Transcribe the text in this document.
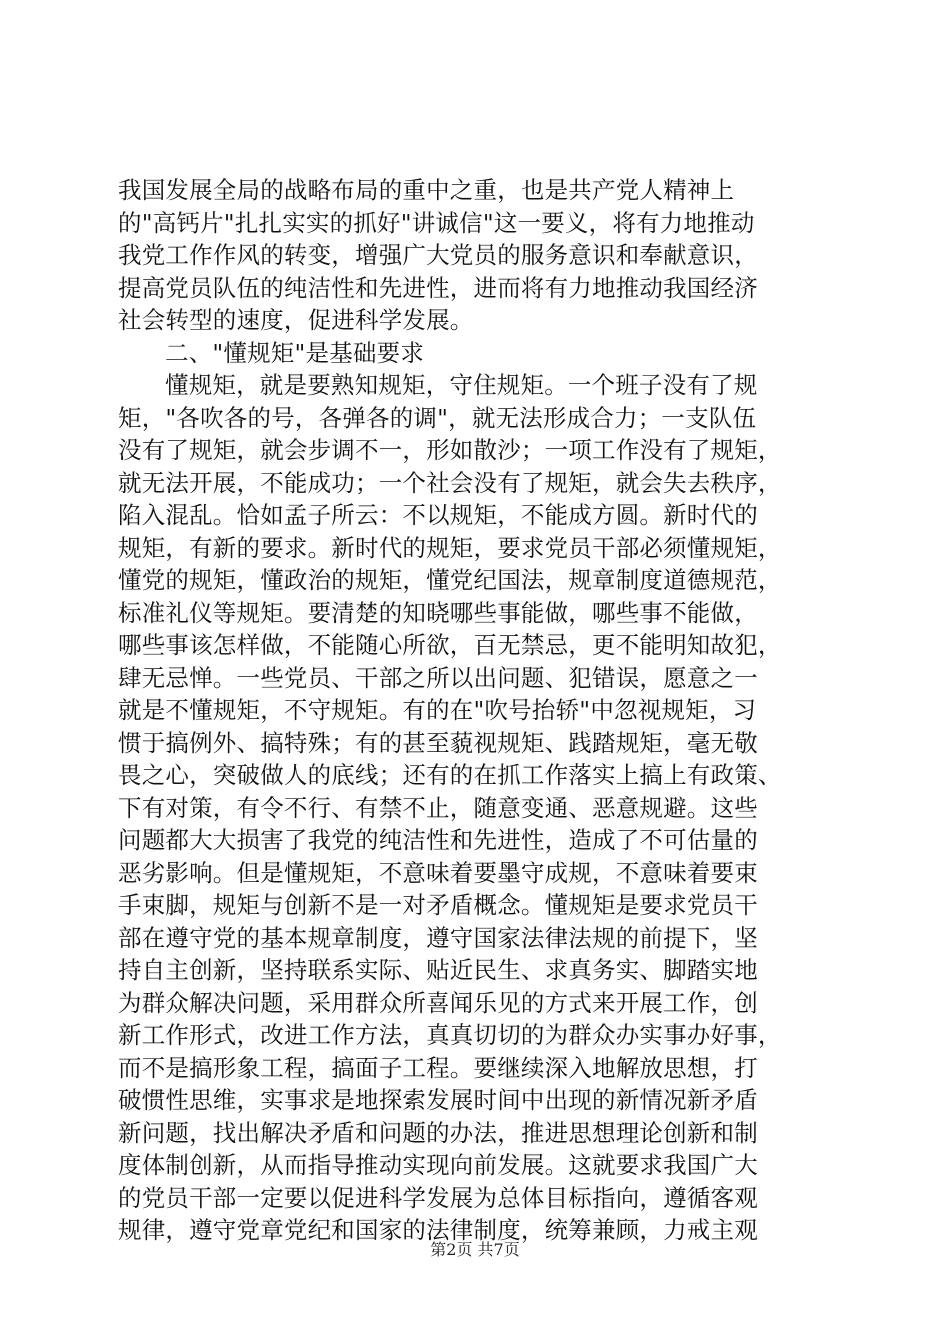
我国发展全局的战略布局的重中之重，也是共产党人精神上
的"高钙片"扎扎实实的抓好"讲诚信"这一要义，将有力地推动
我党工作作风的转变，增强广大党员的服务意识和奉献意识，
提高党员队伍的纯洁性和先进性，进而将有力地推动我国经济
社会转型的速度，促进科学发展。
二、"懂规矩"是基础要求
懂规矩，就是要熟知规矩，守住规矩。一个班子没有了规
矩，"各吹各的号，各弹各的调"，就无法形成合力；一支队伍
没有了规矩，就会步调不一，形如散沙；一项工作没有了规矩，
就无法开展，不能成功；一个社会没有了规矩，就会失去秩序，
陷入混乱。恰如孟子所云：不以规矩，不能成方圆。新时代的
规矩，有新的要求。新时代的规矩，要求党员干部必须懂规矩，
懂党的规矩，懂政治的规矩，懂党纪国法，规章制度道德规范，
标准礼仪等规矩。要清楚的知晓哪些事能做，哪些事不能做，
哪些事该怎样做，不能随心所欲，百无禁忌，更不能明知故犯，
肆无忌惮。一些党员、干部之所以出问题、犯错误，愿意之一
就是不懂规矩，不守规矩。有的在"吹号抬轿"中忽视规矩，习
惯于搞例外、搞特殊；有的甚至藐视规矩、践踏规矩，毫无敬
畏之心，突破做人的底线；还有的在抓工作落实上搞上有政策、
下有对策，有令不行、有禁不止，随意变通、恶意规避。这些
问题都大大损害了我党的纯洁性和先进性，造成了不可估量的
恶劣影响。但是懂规矩，不意味着要墨守成规，不意味着要束
手束脚，规矩与创新不是一对矛盾概念。懂规矩是要求党员干
部在遵守党的基本规章制度，遵守国家法律法规的前提下，坚
持自主创新，坚持联系实际、贴近民生、求真务实、脚踏实地
为群众解决问题，采用群众所喜闻乐见的方式来开展工作，创
新工作形式，改进工作方法，真真切切的为群众办实事办好事，
而不是搞形象工程，搞面子工程。要继续深入地解放思想，打
破惯性思维，实事求是地探索发展时间中出现的新情况新矛盾
新问题，找出解决矛盾和问题的办法，推进思想理论创新和制
度体制创新，从而指导推动实现向前发展。这就要求我国广大
的党员干部一定要以促进科学发展为总体目标指向，遵循客观
规律，遵守党章党纪和国家的法律制度，统筹兼顾，力戒主观
第2页 共7页
